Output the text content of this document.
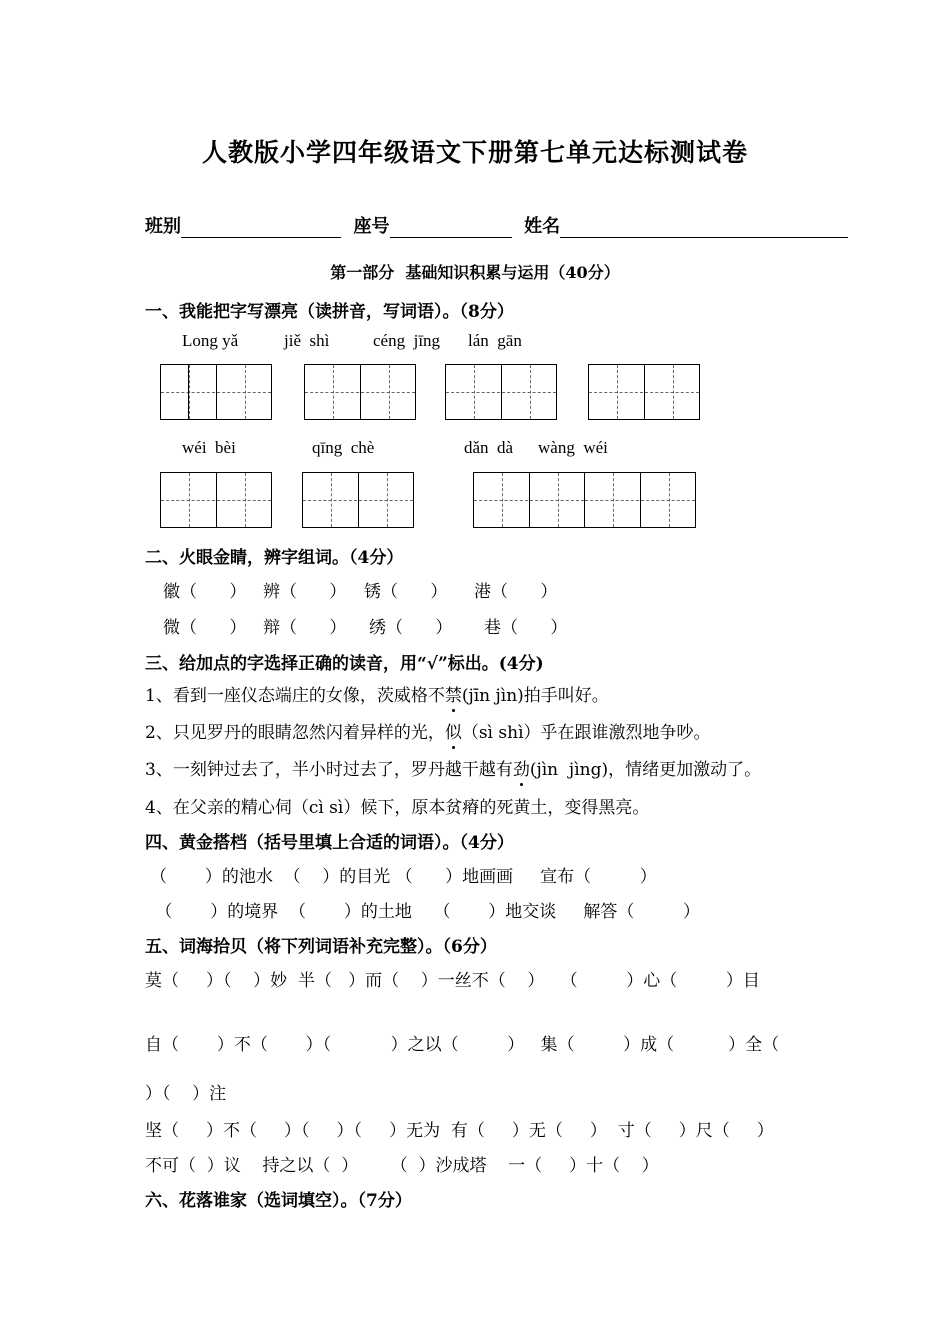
人教版小学四年级语文下册第七单元达标测试卷
班别	座号	姓名
第一部分  基础知识积累与运用（40分）
一、我能把字写漂亮（读拼音，写词语）。（8分）
Long yǎ	jiě  shì	céng  jīng lán  gān
wéi  bèi	qīng  chè	dǎn  dà wàng  wéi
二、火眼金睛，辨字组词。（4分）
徽（      ） 辨（      ） 锈（      ） 港（      ）
微（      ） 辩（      ） 绣（      ） 巷（      ）
三、给加点的字选择正确的读音，用“√”标出。(4分)
1、看到一座仪态端庄的女像，茨威格不禁(jīn jìn)拍手叫好。
2、只见罗丹的眼睛忽然闪着异样的光，似（sì shì）乎在跟谁激烈地争吵。
3、一刻钟过去了，半小时过去了，罗丹越干越有劲(jìn  jìng)，情绪更加激动了。
4、在父亲的精心伺（cì sì）候下，原本贫瘠的死黄土，变得黑亮。
四、黄金搭档（括号里填上合适的词语）。（4分）
（       ）的池水  （    ）的目光 （      ）地画画     宣布（         ）
（       ）的境界  （       ）的土地    （       ）地交谈     解答（         ）
五、词海拾贝（将下列词语补充完整）。（6分）
莫（     ）（    ）妙  半（   ）而（    ）一丝不（    ）   （         ）心（         ）目
自（       ）不（       ）（           ）之以（         ）   集（         ）成（          ）全（
）（    ）注
坚（     ）不（     ）（     ）（     ）无为  有（     ）无（     ）  寸（     ）尺（     ）
不可（  ）议    持之以（  ）      （  ）沙成塔    一（     ）十（    ）
六、花落谁家（选词填空）。（7分）
